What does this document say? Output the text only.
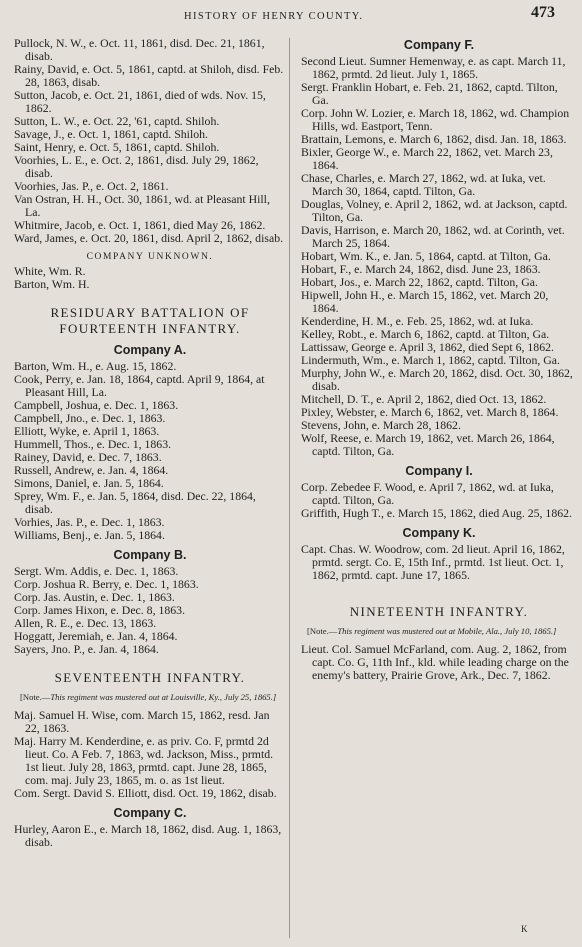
HISTORY OF HENRY COUNTY.	473

Pullock, N. W., e. Oct. 11, 1861, disd. Dec. 21, 1861, disab.

Rainy, David, e. Oct. 5, 1861, captd. at Shiloh, disd. Feb. 28, 1863, disab.

Sutton, Jacob, e. Oct. 21, 1861, died of wds. Nov. 15, 1862.

Sutton, L. W., e. Oct. 22, '61, captd. Shiloh.

Savage, J., e. Oct. 1, 1861, captd. Shiloh.

Saint, Henry, e. Oct. 5, 1861, captd. Shiloh.

Voorhies, L. E., e. Oct. 2, 1861, disd. July 29, 1862, disab.

Voorhies, Jas. P., e. Oct. 2, 1861.

Van Ostran, H. H., Oct. 30, 1861, wd. at Pleasant Hill, La.

Whitmire, Jacob, e. Oct. 1, 1861, died May 26, 1862.

Ward, James, e. Oct. 20, 1861, disd. April 2, 1862, disab.

COMPANY UNKNOWN.

White, Wm. R.

Barton, Wm. H.

RESIDUARY BATTALION OF FOURTEENTH INFANTRY.
Company A.

Barton, Wm. H., e. Aug. 15, 1862.

Cook, Perry, e. Jan. 18, 1864, captd. April 9, 1864, at Pleasant Hill, La.

Campbell, Joshua, e. Dec. 1, 1863.

Campbell, Jno., e. Dec. 1, 1863.

Elliott, Wyke, e. April 1, 1863.

Hummell, Thos., e. Dec. 1, 1863.

Rainey, David, e. Dec. 7, 1863.

Russell, Andrew, e. Jan. 4, 1864.

Simons, Daniel, e. Jan. 5, 1864.

Sprey, Wm. F., e. Jan. 5, 1864, disd. Dec. 22, 1864, disab.

Vorhies, Jas. P., e. Dec. 1, 1863.

Williams, Benj., e. Jan. 5, 1864.

Company B.

Sergt. Wm. Addis, e. Dec. 1, 1863.

Corp. Joshua R. Berry, e. Dec. 1, 1863.

Corp. Jas. Austin, e. Dec. 1, 1863.

Corp. James Hixon, e. Dec. 8, 1863.

Allen, R. E., e. Dec. 13, 1863.

Hoggatt, Jeremiah, e. Jan. 4, 1864.

Sayers, Jno. P., e. Jan. 4, 1864.

SEVENTEENTH INFANTRY.
[Note.—This regiment was mustered out at Louisville, Ky., July 25, 1865.]

Maj. Samuel H. Wise, com. March 15, 1862, resd. Jan 22, 1863.

Maj. Harry M. Kenderdine, e. as priv. Co. F, prmtd 2d lieut. Co. A Feb. 7, 1863, wd. Jackson, Miss., prmtd. 1st lieut. July 28, 1863, prmtd. capt. June 28, 1865, com. maj. July 23, 1865, m. o. as 1st lieut.

Com. Sergt. David S. Elliott, disd. Oct. 19, 1862, disab.

Company C.

Hurley, Aaron E., e. March 18, 1862, disd. Aug. 1, 1863, disab.

Company F.

Second Lieut. Sumner Hemenway, e. as capt. March 11, 1862, prmtd. 2d lieut. July 1, 1865.

Sergt. Franklin Hobart, e. Feb. 21, 1862, captd. Tilton, Ga.

Corp. John W. Lozier, e. March 18, 1862, wd. Champion Hills, wd. Eastport, Tenn.

Brattain, Lemons, e. March 6, 1862, disd. Jan. 18, 1863.

Bixler, George W., e. March 22, 1862, vet. March 23, 1864.

Chase, Charles, e. March 27, 1862, wd. at Iuka, vet. March 30, 1864, captd. Tilton, Ga.

Douglas, Volney, e. April 2, 1862, wd. at Jackson, captd. Tilton, Ga.

Davis, Harrison, e. March 20, 1862, wd. at Corinth, vet. March 25, 1864.

Hobart, Wm. K., e. Jan. 5, 1864, captd. at Tilton, Ga.

Hobart, F., e. March 24, 1862, disd. June 23, 1863.

Hobart, Jos., e. March 22, 1862, captd. Tilton, Ga.

Hipwell, John H., e. March 15, 1862, vet. March 20, 1864.

Kenderdine, H. M., e. Feb. 25, 1862, wd. at Iuka.

Kelley, Robt., e. March 6, 1862, captd. at Tilton, Ga.

Lattissaw, George e. April 3, 1862, died Sept 6, 1862.

Lindermuth, Wm., e. March 1, 1862, captd. Tilton, Ga.

Murphy, John W., e. March 20, 1862, disd. Oct. 30, 1862, disab.

Mitchell, D. T., e. April 2, 1862, died Oct. 13, 1862.

Pixley, Webster, e. March 6, 1862, vet. March 8, 1864.

Stevens, John, e. March 28, 1862.

Wolf, Reese, e. March 19, 1862, vet. March 26, 1864, captd. Tilton, Ga.

Company I.

Corp. Zebedee F. Wood, e. April 7, 1862, wd. at Iuka, captd. Tilton, Ga.

Griffith, Hugh T., e. March 15, 1862, died Aug. 25, 1862.

Company K.

Capt. Chas. W. Woodrow, com. 2d lieut. April 16, 1862, prmtd. sergt. Co. E, 15th Inf., prmtd. 1st lieut. Oct. 1, 1862, prmtd. capt. June 17, 1865.

NINETEENTH INFANTRY.
[Note.—This regiment was mustered out at Mobile, Ala., July 10, 1865.]

Lieut. Col. Samuel McFarland, com. Aug. 2, 1862, from capt. Co. G, 11th Inf., kld. while leading charge on the enemy's battery, Prairie Grove, Ark., Dec. 7, 1862.

K
